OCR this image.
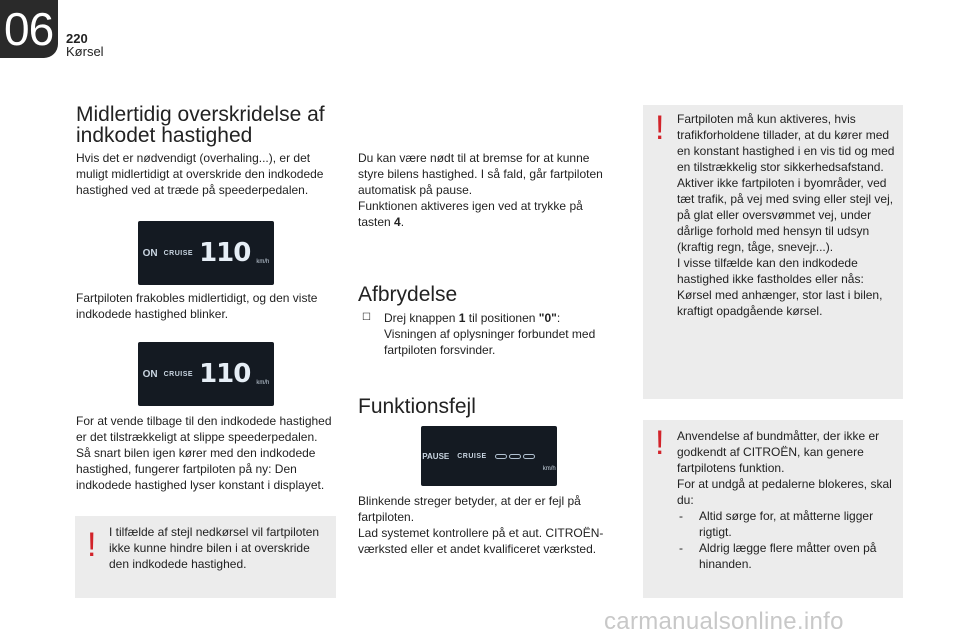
06 220
Kørsel
Midlertidig overskridelse af indkodet hastighed

Hvis det er nødvendigt (overhaling...), er det muligt midlertidigt at overskride den indkodede hastighed ved at træde på speederpedalen.

ON CRUISE 110 km/h

Fartpiloten frakobles midlertidigt, og den viste indkodede hastighed blinker.

ON CRUISE 110 km/h

For at vende tilbage til den indkodede hastighed er det tilstrækkeligt at slippe speederpedalen.

Så snart bilen igen kører med den indkodede hastighed, fungerer fartpiloten på ny: Den indkodede hastighed lyser konstant i displayet.

! I tilfælde af stejl nedkørsel vil fartpiloten ikke kunne hindre bilen i at overskride den indkodede hastighed.

Du kan være nødt til at bremse for at kunne styre bilens hastighed. I så fald, går fartpiloten automatisk på pause.

Funktionen aktiveres igen ved at trykke på tasten 4.

Afbrydelse
☐ Drej knappen 1 til positionen "0":
Visningen af oplysninger forbundet med fartpiloten forsvinder.
Funktionsfejl
PAUSE CRUISE
km/h

Blinkende streger betyder, at der er fejl på fartpiloten.

Lad systemet kontrollere på et aut. CITROËN-værksted eller et andet kvalificeret værksted.

! Fartpiloten må kun aktiveres, hvis trafikforholdene tillader, at du kører med en konstant hastighed i en vis tid og med en tilstrækkelig stor sikkerhedsafstand.

Aktiver ikke fartpiloten i byområder, ved tæt trafik, på vej med sving eller stejl vej, på glat eller oversvømmet vej, under dårlige forhold med hensyn til udsyn (kraftig regn, tåge, snevejr...).

I visse tilfælde kan den indkodede hastighed ikke fastholdes eller nås: Kørsel med anhænger, stor last i bilen, kraftigt opadgående kørsel.

! Anvendelse af bundmåtter, der ikke er godkendt af CITROËN, kan genere fartpilotens funktion.

For at undgå at pedalerne blokeres, skal du:

- Altid sørge for, at måtterne ligger rigtigt.
- Aldrig lægge flere måtter oven på hinanden.
carmanualsonline.info
